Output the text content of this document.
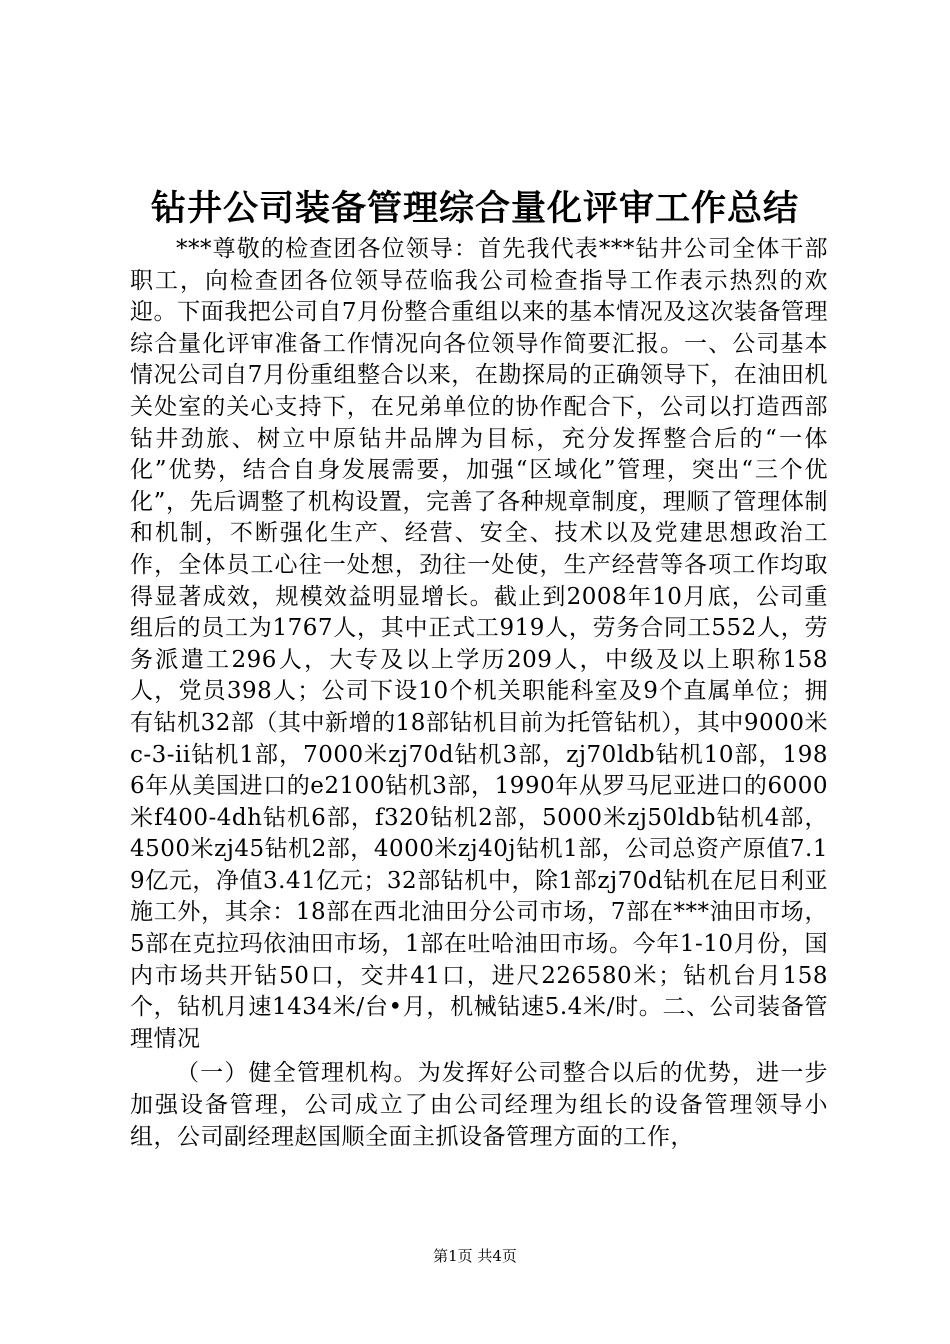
钻井公司装备管理综合量化评审工作总结

***尊敬的检查团各位领导：首先我代表***钻井公司全体干部职工，向检查团各位领导莅临我公司检查指导工作表示热烈的欢迎。下面我把公司自7月份整合重组以来的基本情况及这次装备管理综合量化评审准备工作情况向各位领导作简要汇报。一、公司基本情况公司自7月份重组整合以来，在勘探局的正确领导下，在油田机关处室的关心支持下，在兄弟单位的协作配合下，公司以打造西部钻井劲旅、树立中原钻井品牌为目标，充分发挥整合后的“一体化”优势，结合自身发展需要，加强“区域化”管理，突出“三个优化”，先后调整了机构设置，完善了各种规章制度，理顺了管理体制和机制，不断强化生产、经营、安全、技术以及党建思想政治工作，全体员工心往一处想，劲往一处使，生产经营等各项工作均取得显著成效，规模效益明显增长。截止到2008年10月底，公司重组后的员工为1767人，其中正式工919人，劳务合同工552人，劳务派遣工296人，大专及以上学历209人，中级及以上职称158人，党员398人；公司下设10个机关职能科室及9个直属单位；拥有钻机32部（其中新增的18部钻机目前为托管钻机），其中9000米c-3-ii钻机1部，7000米zj70d钻机3部，zj70ldb钻机10部，1986年从美国进口的e2100钻机3部，1990年从罗马尼亚进口的6000米f400-4dh钻机6部，f320钻机2部，5000米zj50ldb钻机4部，4500米zj45钻机2部，4000米zj40j钻机1部，公司总资产原值7.19亿元，净值3.41亿元；32部钻机中，除1部zj70d钻机在尼日利亚施工外，其余：18部在西北油田分公司市场，7部在***油田市场，5部在克拉玛依油田市场，1部在吐哈油田市场。今年1-10月份，国内市场共开钻50口，交井41口，进尺226580米；钻机台月158个，钻机月速1434米/台•月，机械钻速5.4米/时。二、公司装备管理情况

（一）健全管理机构。为发挥好公司整合以后的优势，进一步加强设备管理，公司成立了由公司经理为组长的设备管理领导小组，公司副经理赵国顺全面主抓设备管理方面的工作，

第1页 共4页
